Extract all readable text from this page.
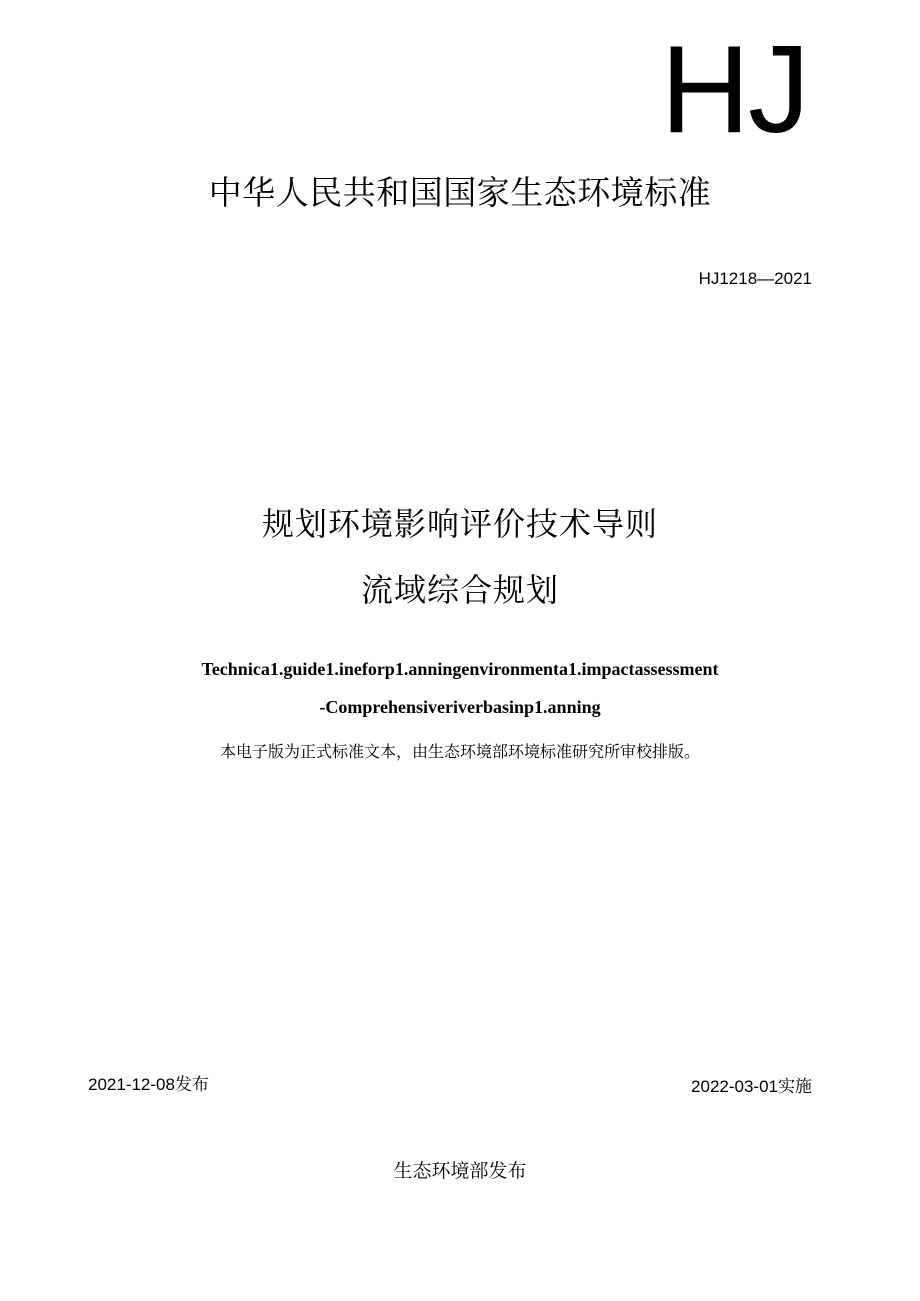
HJ
中华人民共和国国家生态环境标准
HJ1218—2021
规划环境影响评价技术导则
流域综合规划
Technica1.guide1.ineforp1.anningenvironmenta1.impactassessment
-Comprehensiveriverbasinp1.anning
本电子版为正式标准文本，由生态环境部环境标准研究所审校排版。
2021-12-08发布	2022-03-01实施
生态环境部发布
